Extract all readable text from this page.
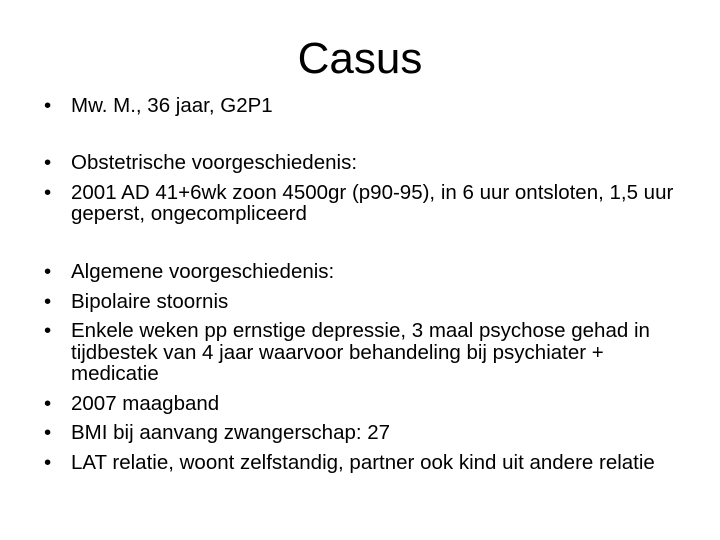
Casus
• Mw. M., 36 jaar, G2P1
• Obstetrische voorgeschiedenis:
• 2001 AD 41+6wk zoon 4500gr (p90-95), in 6 uur ontsloten, 1,5 uur geperst, ongecompliceerd
• Algemene voorgeschiedenis:
• Bipolaire stoornis
• Enkele weken pp ernstige depressie, 3 maal psychose gehad in tijdbestek van 4 jaar waarvoor behandeling bij psychiater + medicatie
• 2007 maagband
• BMI bij aanvang zwangerschap: 27
• LAT relatie, woont zelfstandig, partner ook kind uit andere relatie
